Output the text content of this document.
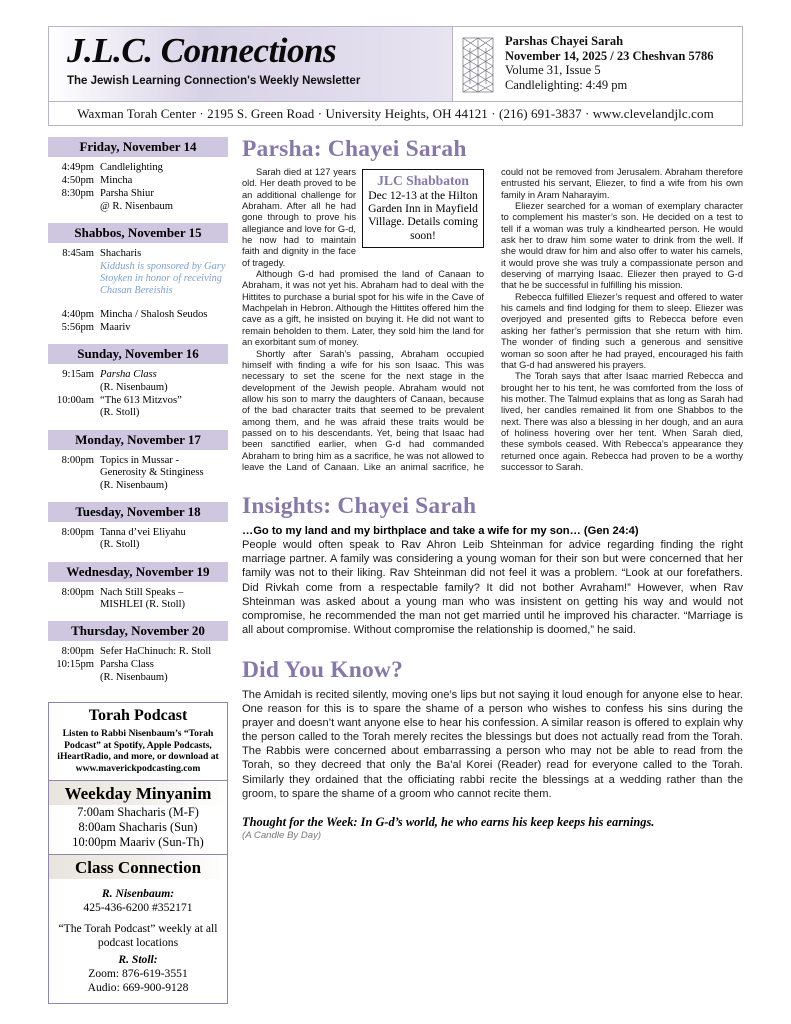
J.L.C. Connections
The Jewish Learning Connection's Weekly Newsletter
Parshas Chayei Sarah
November 14, 2025 / 23 Cheshvan 5786
Volume 31, Issue 5
Candlelighting: 4:49 pm
Waxman Torah Center · 2195 S. Green Road · University Heights, OH 44121 · (216) 691-3837 · www.clevelandjlc.com
Friday, November 14
4:49pm Candlelighting
4:50pm Mincha
8:30pm Parsha Shiur
@ R. Nisenbaum
Shabbos, November 15
8:45am Shacharis
Kiddush is sponsored by Gary Stoyken in honor of receiving Chasan Bereishis
4:40pm Mincha / Shalosh Seudos
5:56pm Maariv
Sunday, November 16
9:15am Parsha Class
(R. Nisenbaum)
10:00am “The 613 Mitzvos”
(R. Stoll)
Monday, November 17
8:00pm Topics in Mussar -
Generosity & Stinginess
(R. Nisenbaum)
Tuesday, November 18
8:00pm Tanna d’vei Eliyahu
(R. Stoll)
Wednesday, November 19
8:00pm Nach Still Speaks –
MISHLEI (R. Stoll)
Thursday, November 20
8:00pm Sefer HaChinuch: R. Stoll
10:15pm Parsha Class
(R. Nisenbaum)
Torah Podcast
Listen to Rabbi Nisenbaum’s “Torah Podcast” at Spotify, Apple Podcasts, iHeartRadio, and more, or download at www.maverickpodcasting.com
Weekday Minyanim
7:00am Shacharis (M-F)
8:00am Shacharis (Sun)
10:00pm Maariv (Sun-Th)
Class Connection
R. Nisenbaum:
425-436-6200 #352171
“The Torah Podcast” weekly at all podcast locations
R. Stoll:
Zoom: 876-619-3551
Audio: 669-900-9128
Parsha: Chayei Sarah
JLC Shabbaton
Dec 12-13 at the Hilton Garden Inn in Mayfield Village. Details coming soon!

Sarah died at 127 years old. Her death proved to be an additional challenge for Abraham. After all he had gone through to prove his allegiance and love for G-d, he now had to maintain faith and dignity in the face of tragedy.

Although G-d had promised the land of Canaan to Abraham, it was not yet his. Abraham had to deal with the Hittites to purchase a burial spot for his wife in the Cave of Machpelah in Hebron. Although the Hittites offered him the cave as a gift, he insisted on buying it. He did not want to remain beholden to them. Later, they sold him the land for an exorbitant sum of money.

Shortly after Sarah’s passing, Abraham occupied himself with finding a wife for his son Isaac. This was necessary to set the scene for the next stage in the development of the Jewish people. Abraham would not allow his son to marry the daughters of Canaan, because of the bad character traits that seemed to be prevalent among them, and he was afraid these traits would be passed on to his descendants. Yet, being that Isaac had been sanctified earlier, when G-d had commanded Abraham to bring him as a sacrifice, he was not allowed to leave the Land of Canaan. Like an animal sacrifice, he could not be removed from Jerusalem. Abraham therefore entrusted his servant, Eliezer, to find a wife from his own family in Aram Naharayim.

Eliezer searched for a woman of exemplary character to complement his master’s son. He decided on a test to tell if a woman was truly a kindhearted person. He would ask her to draw him some water to drink from the well. If she would draw for him and also offer to water his camels, it would prove she was truly a compassionate person and deserving of marrying Isaac. Eliezer then prayed to G-d that he be successful in fulfilling his mission.

Rebecca fulfilled Eliezer’s request and offered to water his camels and find lodging for them to sleep. Eliezer was overjoyed and presented gifts to Rebecca before even asking her father’s permission that she return with him. The wonder of finding such a generous and sensitive woman so soon after he had prayed, encouraged his faith that G-d had answered his prayers.

The Torah says that after Isaac married Rebecca and brought her to his tent, he was comforted from the loss of his mother. The Talmud explains that as long as Sarah had lived, her candles remained lit from one Shabbos to the next. There was also a blessing in her dough, and an aura of holiness hovering over her tent. When Sarah died, these symbols ceased. With Rebecca’s appearance they returned once again. Rebecca had proven to be a worthy successor to Sarah.

Insights: Chayei Sarah

…Go to my land and my birthplace and take a wife for my son… (Gen 24:4)

People would often speak to Rav Ahron Leib Shteinman for advice regarding finding the right marriage partner. A family was considering a young woman for their son but were concerned that her family was not to their liking. Rav Shteinman did not feel it was a problem. “Look at our forefathers. Did Rivkah come from a respectable family? It did not bother Avraham!” However, when Rav Shteinman was asked about a young man who was insistent on getting his way and would not compromise, he recommended the man not get married until he improved his character. “Marriage is all about compromise. Without compromise the relationship is doomed,” he said.

Did You Know?

The Amidah is recited silently, moving one’s lips but not saying it loud enough for anyone else to hear. One reason for this is to spare the shame of a person who wishes to confess his sins during the prayer and doesn’t want anyone else to hear his confession. A similar reason is offered to explain why the person called to the Torah merely recites the blessings but does not actually read from the Torah. The Rabbis were concerned about embarrassing a person who may not be able to read from the Torah, so they decreed that only the Ba’al Korei (Reader) read for everyone called to the Torah. Similarly they ordained that the officiating rabbi recite the blessings at a wedding rather than the groom, to spare the shame of a groom who cannot recite them.

Thought for the Week: In G-d’s world, he who earns his keep keeps his earnings.

(A Candle By Day)
